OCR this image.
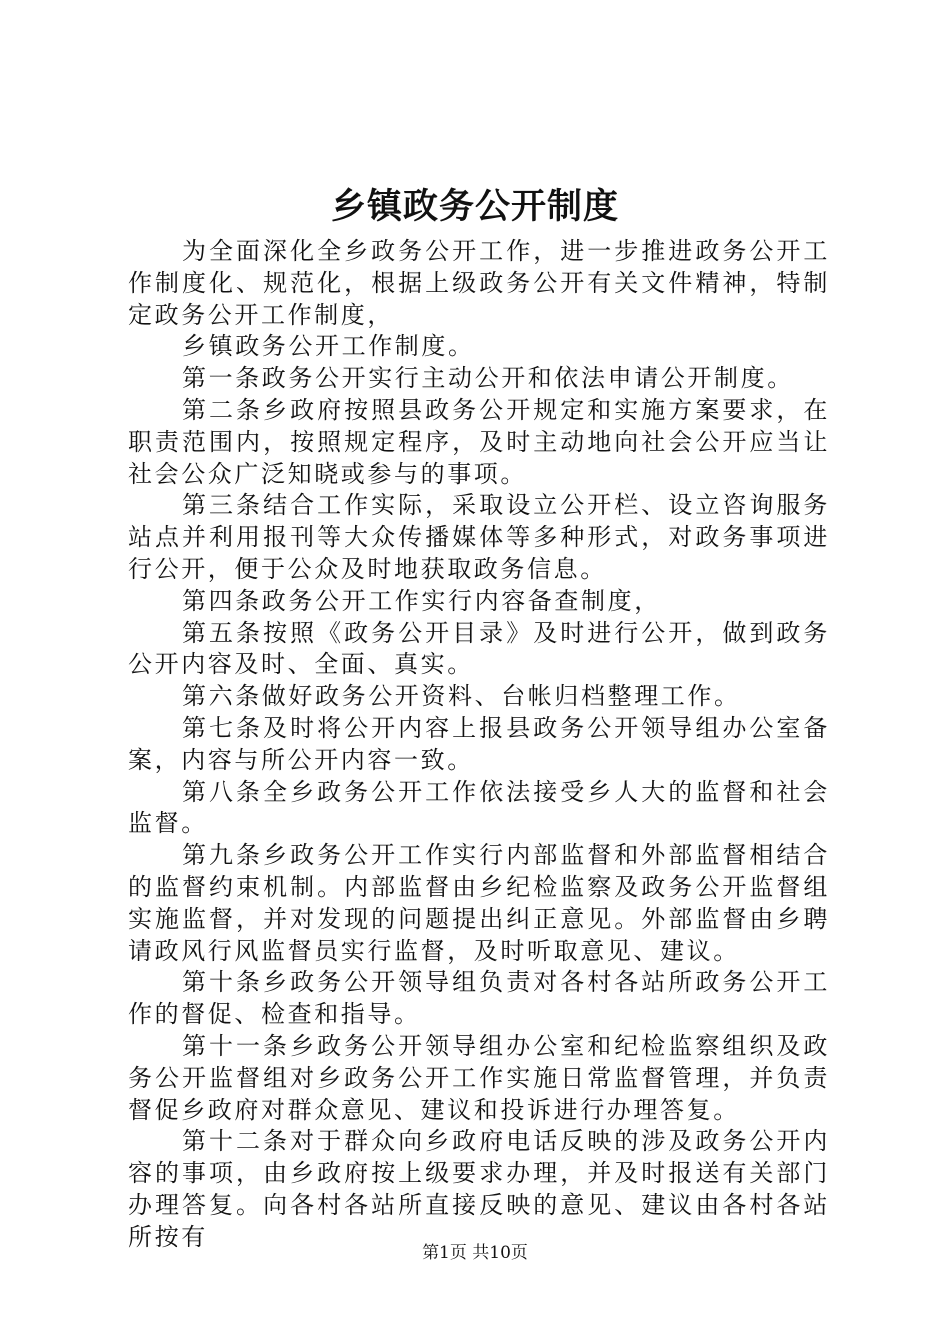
乡镇政务公开制度

为全面深化全乡政务公开工作，进一步推进政务公开工作制度化、规范化，根据上级政务公开有关文件精神，特制定政务公开工作制度，

乡镇政务公开工作制度。

第一条政务公开实行主动公开和依法申请公开制度。

第二条乡政府按照县政务公开规定和实施方案要求，在职责范围内，按照规定程序，及时主动地向社会公开应当让社会公众广泛知晓或参与的事项。

第三条结合工作实际，采取设立公开栏、设立咨询服务站点并利用报刊等大众传播媒体等多种形式，对政务事项进行公开，便于公众及时地获取政务信息。

第四条政务公开工作实行内容备查制度，

第五条按照《政务公开目录》及时进行公开，做到政务公开内容及时、全面、真实。

第六条做好政务公开资料、台帐归档整理工作。

第七条及时将公开内容上报县政务公开领导组办公室备案，内容与所公开内容一致。

第八条全乡政务公开工作依法接受乡人大的监督和社会监督。

第九条乡政务公开工作实行内部监督和外部监督相结合的监督约束机制。内部监督由乡纪检监察及政务公开监督组实施监督，并对发现的问题提出纠正意见。外部监督由乡聘请政风行风监督员实行监督，及时听取意见、建议。

第十条乡政务公开领导组负责对各村各站所政务公开工作的督促、检查和指导。

第十一条乡政务公开领导组办公室和纪检监察组织及政务公开监督组对乡政务公开工作实施日常监督管理，并负责督促乡政府对群众意见、建议和投诉进行办理答复。

第十二条对于群众向乡政府电话反映的涉及政务公开内容的事项，由乡政府按上级要求办理，并及时报送有关部门办理答复。向各村各站所直接反映的意见、建议由各村各站所按有

第1页 共10页
